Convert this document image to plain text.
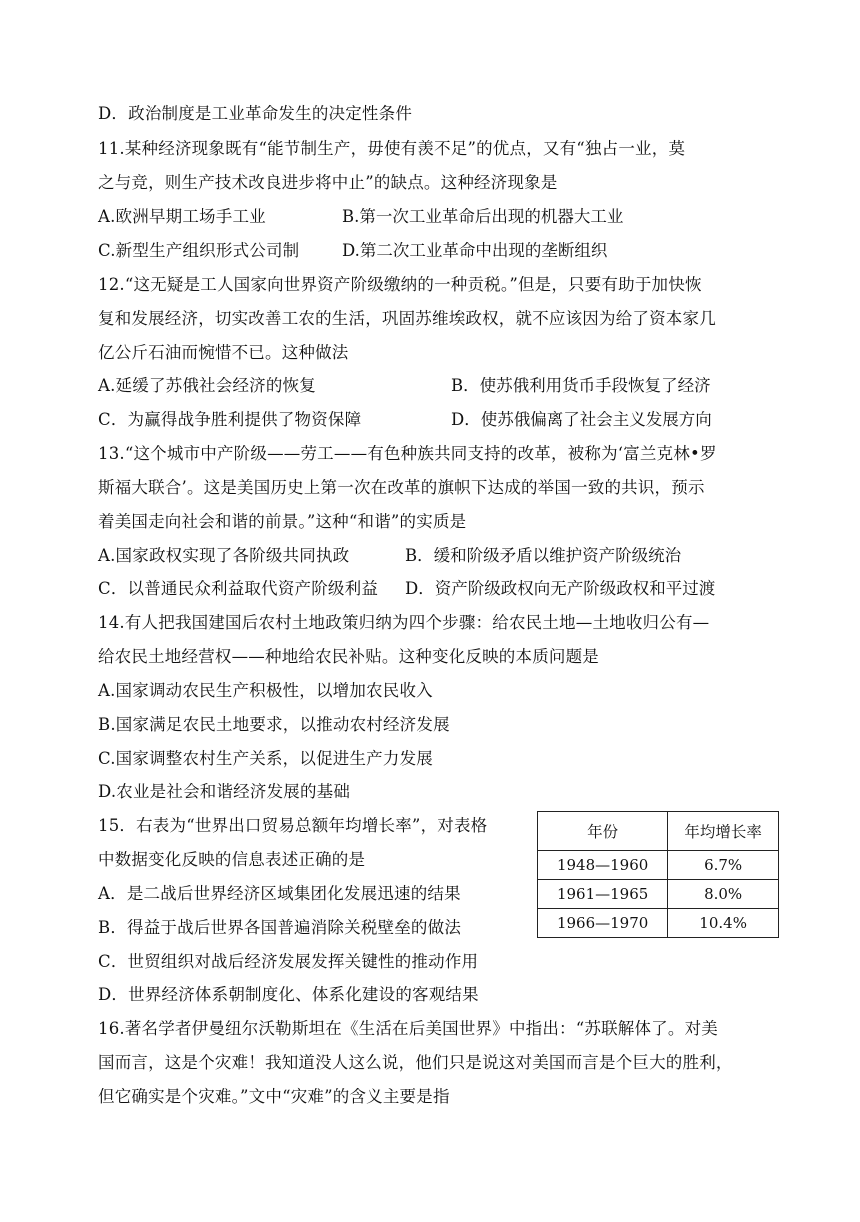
D．政治制度是工业革命发生的决定性条件

11.某种经济现象既有“能节制生产，毋使有羡不足”的优点，又有“独占一业，莫

之与竞，则生产技术改良进步将中止”的缺点。这种经济现象是

A.欧洲早期工场手工业	B.第一次工业革命后出现的机器大工业

C.新型生产组织形式公司制	D.第二次工业革命中出现的垄断组织

12.“这无疑是工人国家向世界资产阶级缴纳的一种贡税。”但是，只要有助于加快恢

复和发展经济，切实改善工农的生活，巩固苏维埃政权，就不应该因为给了资本家几

亿公斤石油而惋惜不已。这种做法

A.延缓了苏俄社会经济的恢复	B．使苏俄利用货币手段恢复了经济

C．为赢得战争胜利提供了物资保障	D．使苏俄偏离了社会主义发展方向

13.“这个城市中产阶级——劳工——有色种族共同支持的改革，被称为‘富兰克林•罗

斯福大联合’。这是美国历史上第一次在改革的旗帜下达成的举国一致的共识，预示

着美国走向社会和谐的前景。”这种“和谐”的实质是

A.国家政权实现了各阶级共同执政	B．缓和阶级矛盾以维护资产阶级统治

C．以普通民众利益取代资产阶级利益 D．资产阶级政权向无产阶级政权和平过渡

14.有人把我国建国后农村土地政策归纳为四个步骤：给农民土地—土地收归公有—

给农民土地经营权——种地给农民补贴。这种变化反映的本质问题是

A.国家调动农民生产积极性，以增加农民收入

B.国家满足农民土地要求，以推动农村经济发展

C.国家调整农村生产关系，以促进生产力发展

D.农业是社会和谐经济发展的基础

15．右表为“世界出口贸易总额年均增长率”，对表格

中数据变化反映的信息表述正确的是

A．是二战后世界经济区域集团化发展迅速的结果

B．得益于战后世界各国普遍消除关税壁垒的做法

C．世贸组织对战后经济发展发挥关键性的推动作用

D．世界经济体系朝制度化、体系化建设的客观结果

年份	年均增长率
1948—1960	6.7%
1961—1965	8.0%
1966—1970	10.4%

16.著名学者伊曼纽尔沃勒斯坦在《生活在后美国世界》中指出：“苏联解体了。对美

国而言，这是个灾难！我知道没人这么说，他们只是说这对美国而言是个巨大的胜利，

但它确实是个灾难。”文中“灾难”的含义主要是指
